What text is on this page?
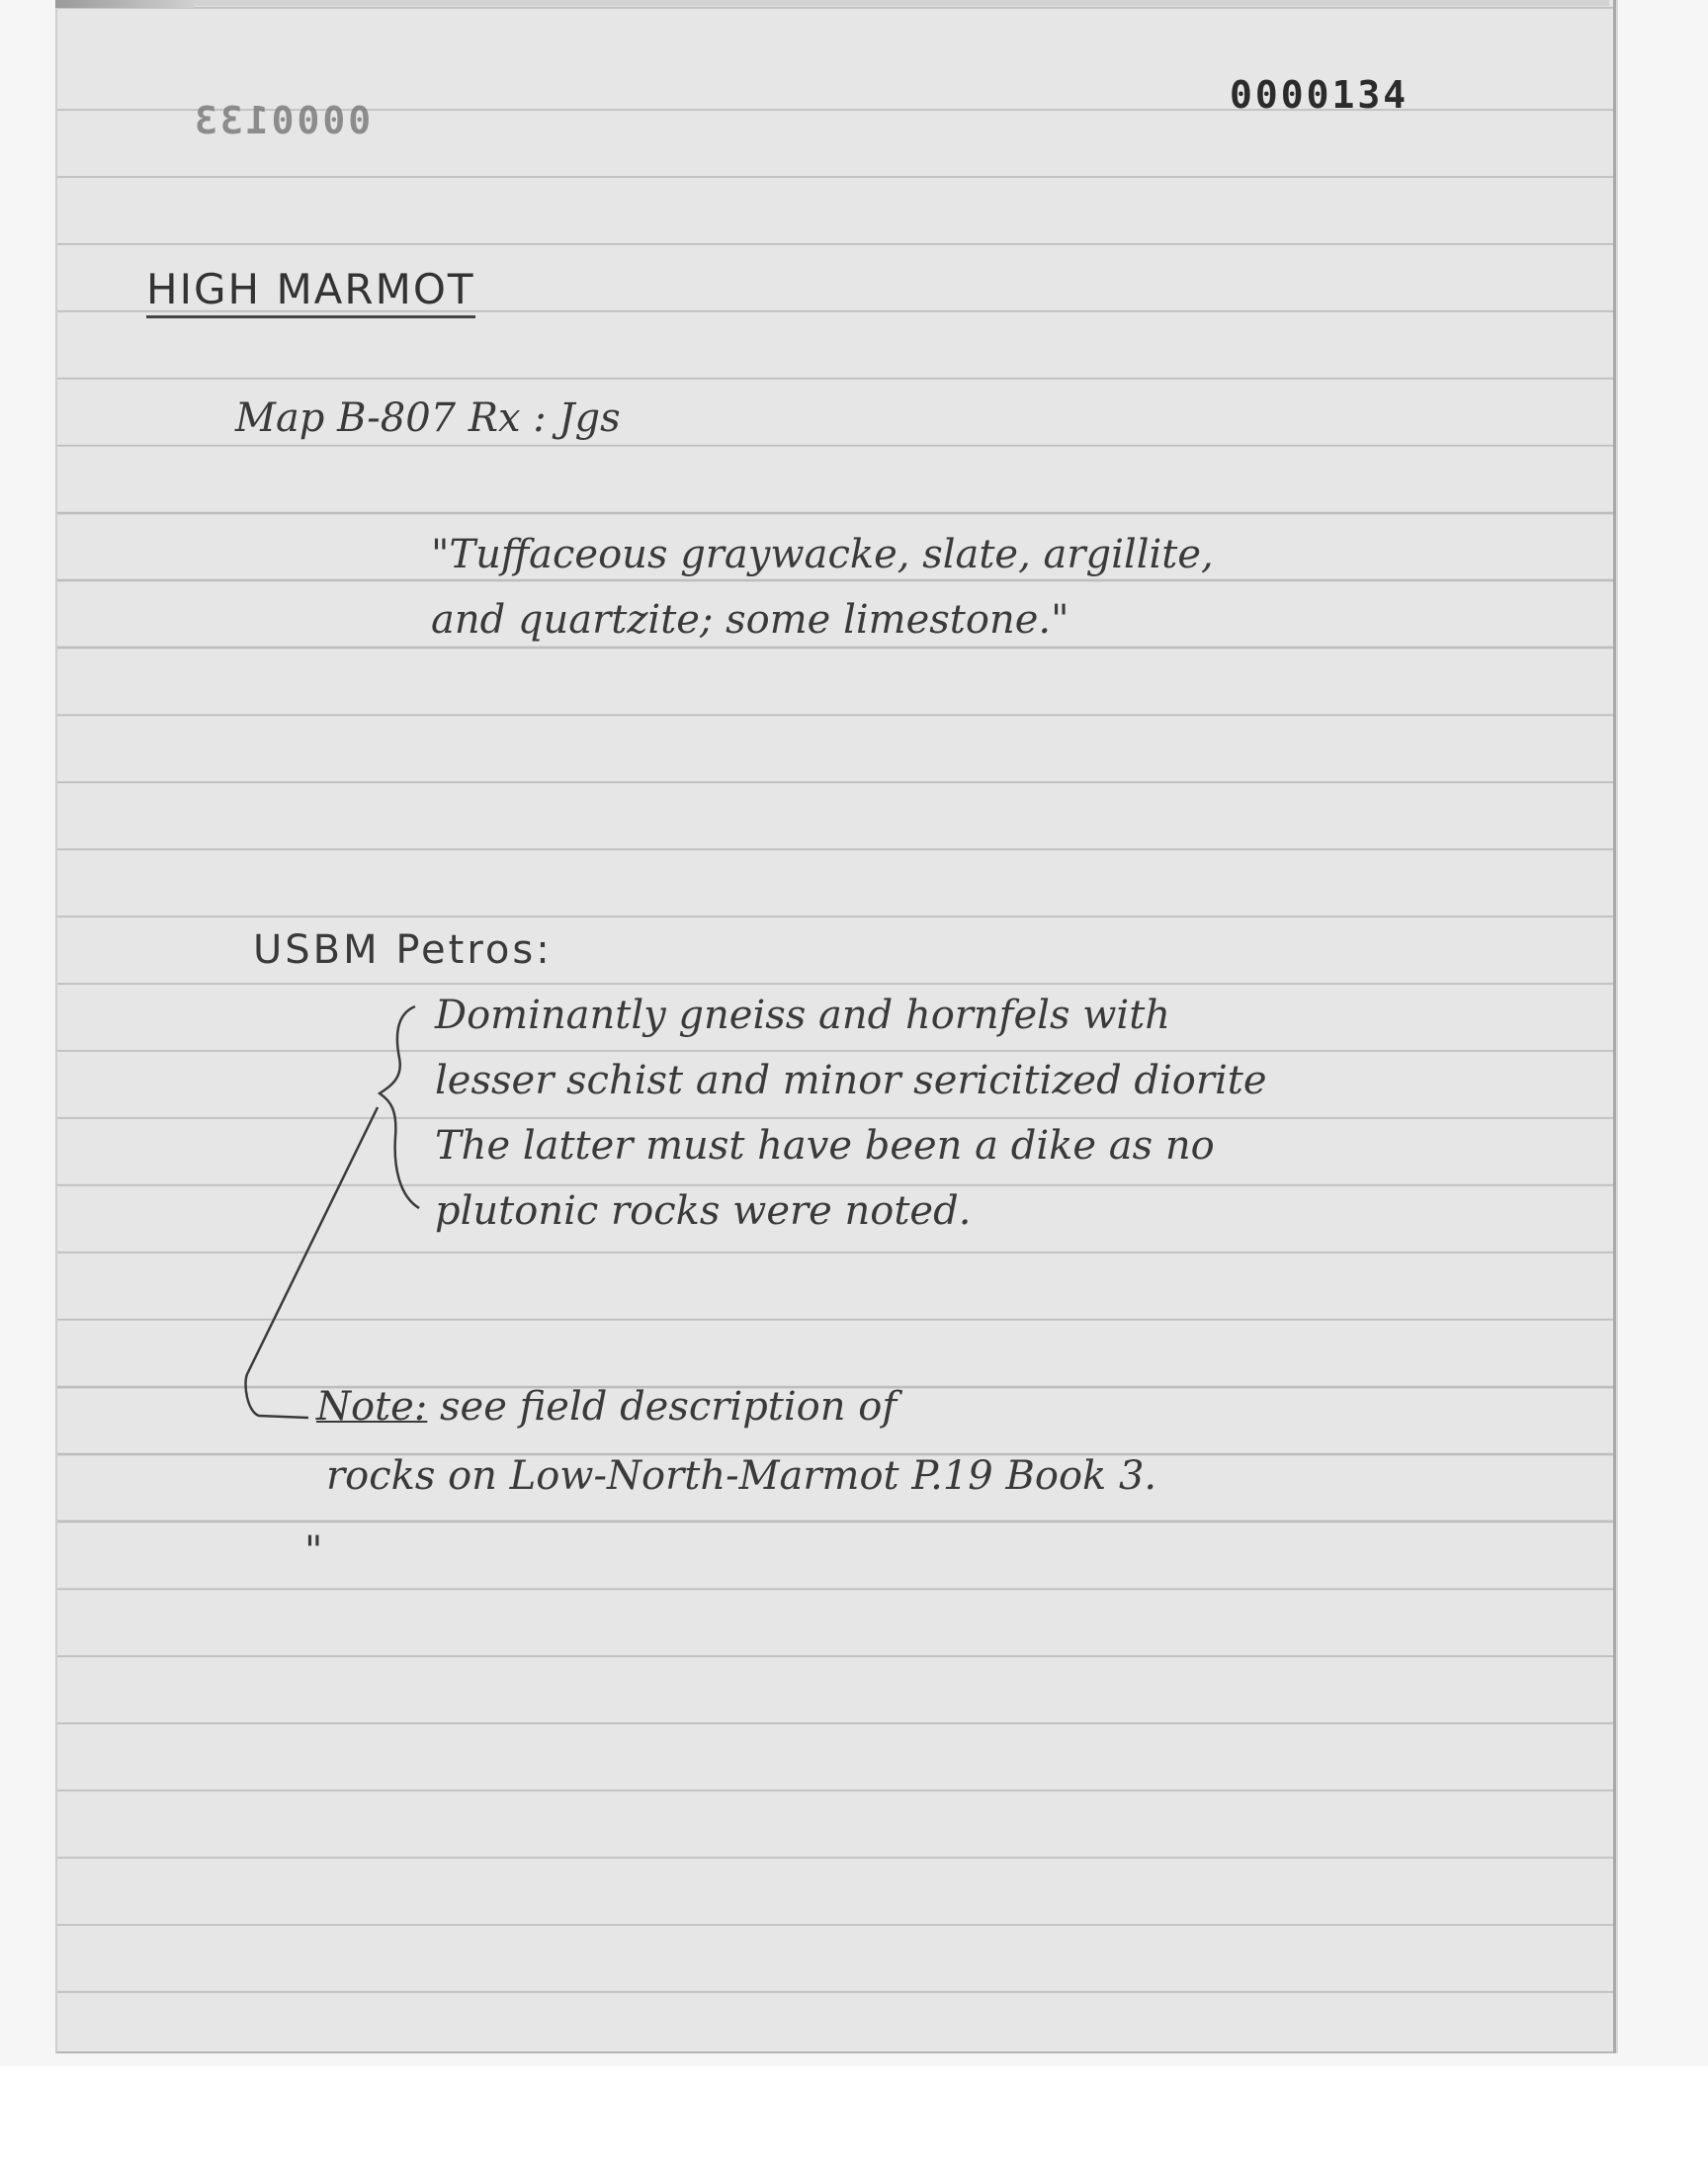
0000133
0000134
HIGH MARMOT
Map B-807 Rx : Jgs
"Tuffaceous graywacke, slate, argillite,
and quartzite; some limestone."
USBM Petros:
Dominantly gneiss and hornfels with
lesser schist and minor sericitized diorite
The latter must have been a dike as no
plutonic rocks were noted.
Note: see field description of
rocks on Low-North-Marmot P.19 Book 3.
"
